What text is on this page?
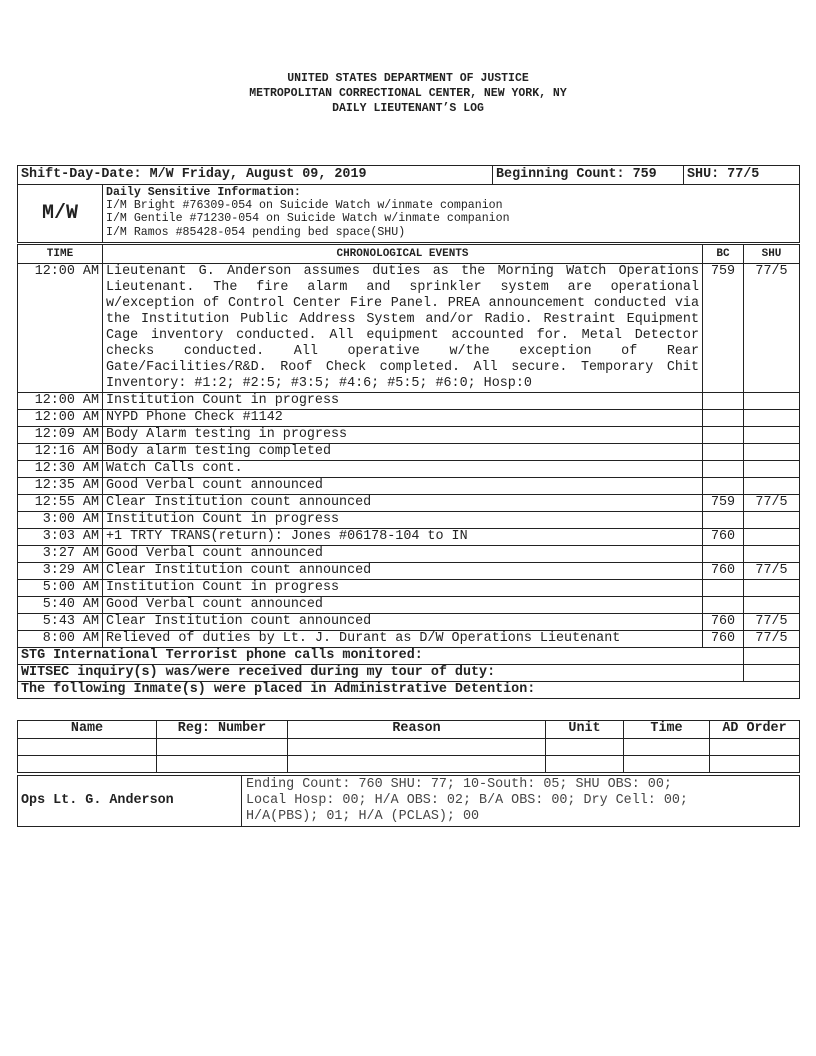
UNITED STATES DEPARTMENT OF JUSTICE
METROPOLITAN CORRECTIONAL CENTER, NEW YORK, NY
DAILY LIEUTENANT’S LOG
Shift-Day-Date: M/W Friday, August 09, 2019	Beginning Count: 759	SHU: 77/5
M/W	
Daily Sensitive Information:
I/M Bright #76309-054 on Suicide Watch w/inmate companion
I/M Gentile #71230-054 on Suicide Watch w/inmate companion
I/M Ramos #85428-054 pending bed space(SHU)
TIME	CHRONOLOGICAL EVENTS	BC	SHU
12:00 AM	Lieutenant G. Anderson assumes duties as the Morning Watch Operations Lieutenant. The fire alarm and sprinkler system are operational w/exception of Control Center Fire Panel. PREA announcement conducted via the Institution Public Address System and/or Radio. Restraint Equipment Cage inventory conducted. All equipment accounted for. Metal Detector checks conducted. All operative w/the exception of Rear Gate/Facilities/R&D. Roof Check completed. All secure. Temporary Chit Inventory: #1:2; #2:5; #3:5; #4:6; #5:5; #6:0; Hosp:0	759	77/5
12:00 AM	Institution Count in progress		
12:00 AM	NYPD Phone Check #1142		
12:09 AM	Body Alarm testing in progress		
12:16 AM	Body alarm testing completed		
12:30 AM	Watch Calls cont.		
12:35 AM	Good Verbal count announced		
12:55 AM	Clear Institution count announced	759	77/5
3:00 AM	Institution Count in progress		
3:03 AM	+1 TRTY TRANS(return): Jones #06178-104 to IN	760	
3:27 AM	Good Verbal count announced		
3:29 AM	Clear Institution count announced	760	77/5
5:00 AM	Institution Count in progress		
5:40 AM	Good Verbal count announced		
5:43 AM	Clear Institution count announced	760	77/5
8:00 AM	Relieved of duties by Lt. J. Durant as D/W Operations Lieutenant	760	77/5
STG International Terrorist phone calls monitored:			
WITSEC inquiry(s) was/were received during my tour of duty:			
The following Inmate(s) were placed in Administrative Detention:			
Name	Reg: Number	Reason	Unit	Time	AD Order

Ops Lt. G. Anderson	
Ending Count: 760 SHU: 77; 10-South: 05; SHU OBS: 00;
Local Hosp: 00; H/A OBS: 02; B/A OBS: 00; Dry Cell: 00;
H/A(PBS); 01; H/A (PCLAS); 00
